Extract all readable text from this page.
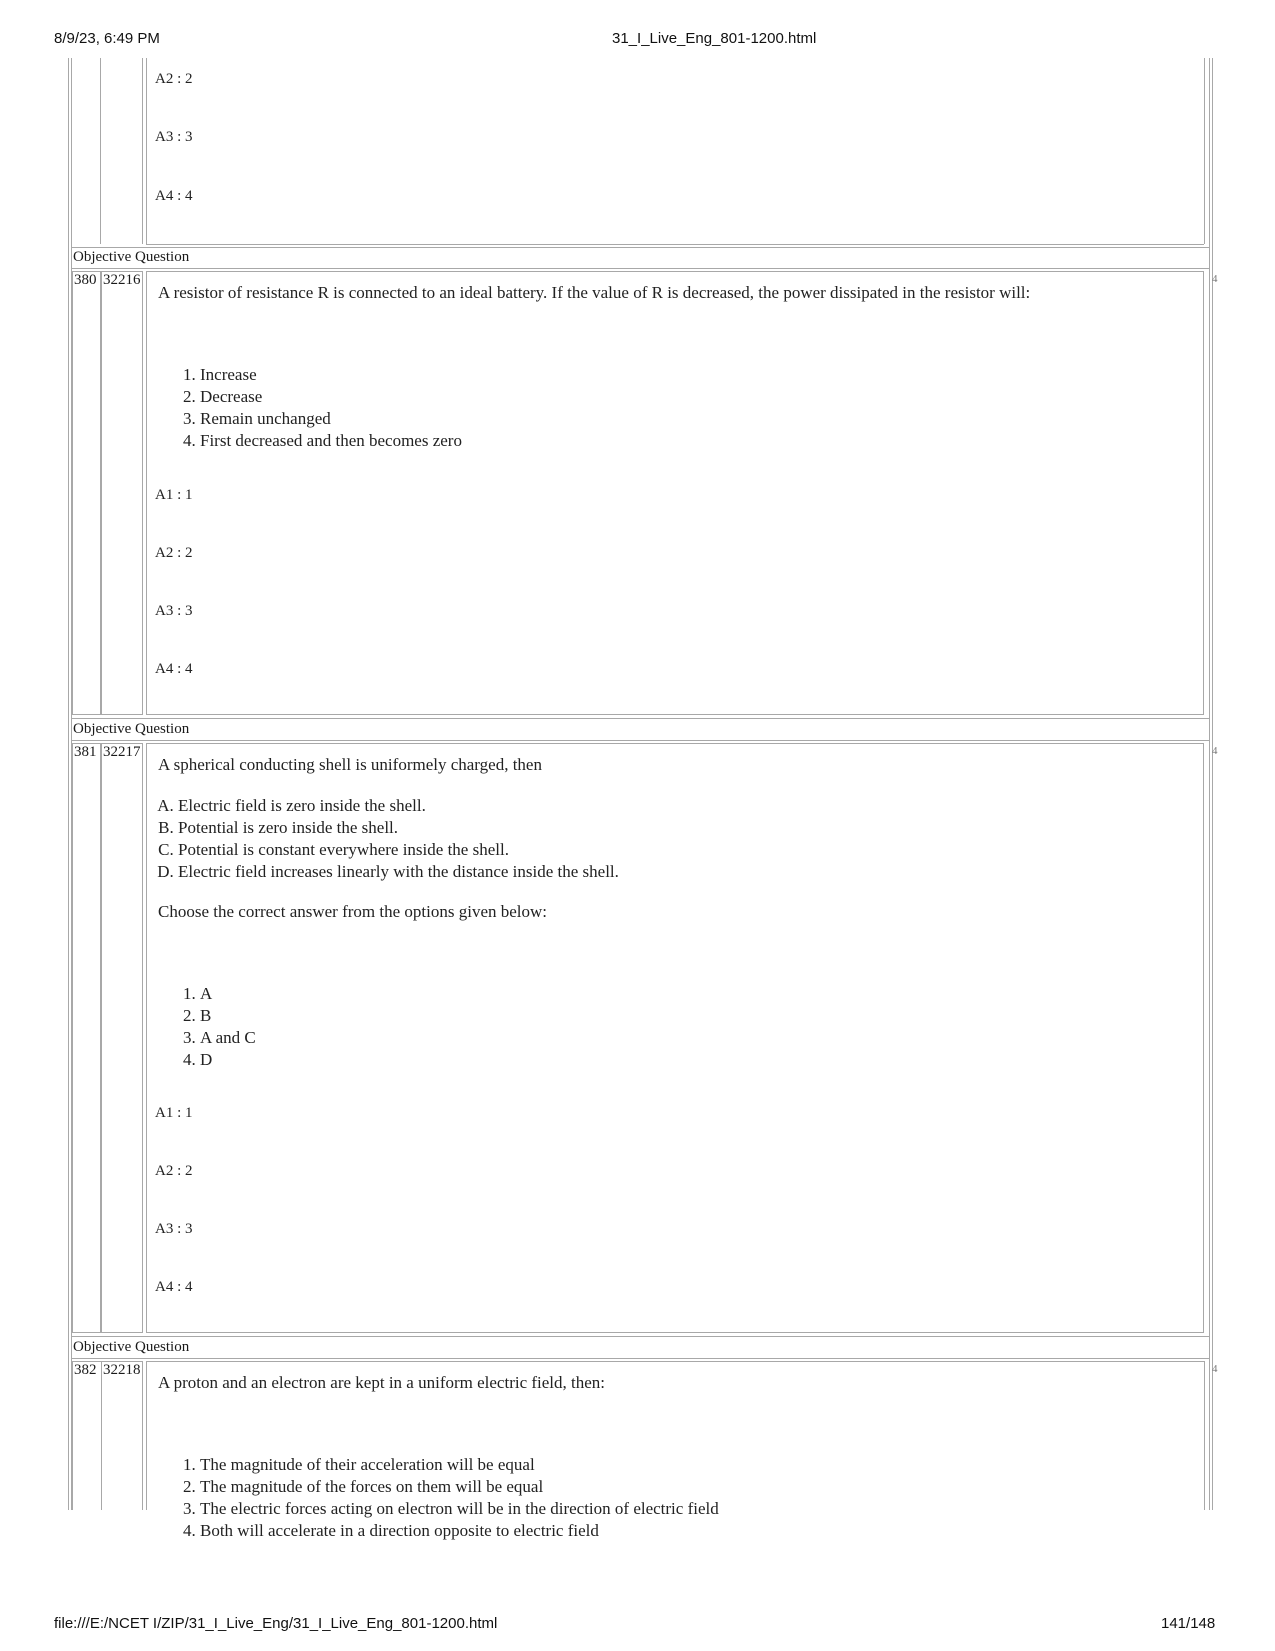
8/9/23, 6:49 PM	31_I_Live_Eng_801-1200.html
A2 : 2
A3 : 3
A4 : 4
Objective Question
380 32216	4
A resistor of resistance R is connected to an ideal battery. If the value of R is decreased, the power dissipated in the resistor will:
1. Increase
2. Decrease
3. Remain unchanged
4. First decreased and then becomes zero
A1 : 1
A2 : 2
A3 : 3
A4 : 4
Objective Question
381 32217	4
A spherical conducting shell is uniformely charged, then
A. Electric field is zero inside the shell.
B. Potential is zero inside the shell.
C. Potential is constant everywhere inside the shell.
D. Electric field increases linearly with the distance inside the shell.
Choose the correct answer from the options given below:
1. A
2. B
3. A and C
4. D
A1 : 1
A2 : 2
A3 : 3
A4 : 4
Objective Question
382 32218	4
A proton and an electron are kept in a uniform electric field, then:
1. The magnitude of their acceleration will be equal
2. The magnitude of the forces on them will be equal
3. The electric forces acting on electron will be in the direction of electric field
4. Both will accelerate in a direction opposite to electric field
file:///E:/NCET I/ZIP/31_I_Live_Eng/31_I_Live_Eng_801-1200.html	141/148
